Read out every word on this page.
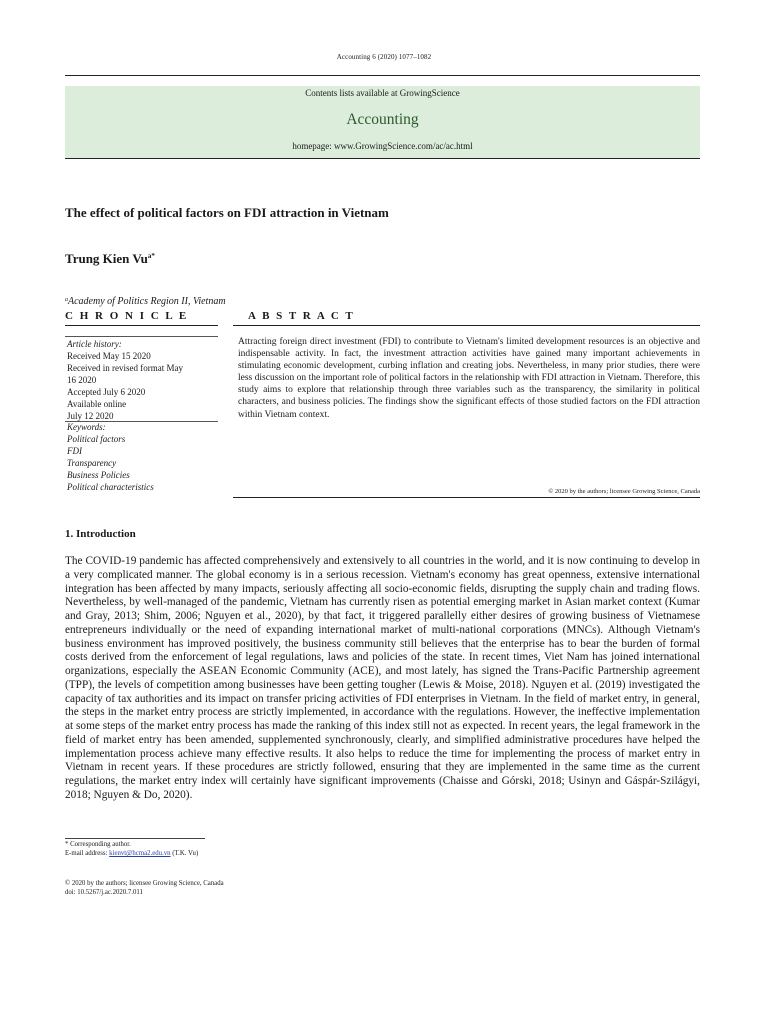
Accounting 6 (2020) 1077–1082
Contents lists available at GrowingScience
Accounting
homepage: www.GrowingScience.com/ac/ac.html
The effect of political factors on FDI attraction in Vietnam
Trung Kien $Vu^{a*}$
$^a$Academy of Politics Region II, Vietnam
C H R O N I C L E	A B S T R A C T
Article history:
Received May 15 2020
Received in revised format May
16 2020
Accepted July 6 2020
Available online
July 12 2020
Keywords:
Political factors
FDI
Transparency
Business Policies
Political characteristics
Attracting foreign direct investment (FDI) to contribute to Vietnam's limited development resources is an objective and indispensable activity. In fact, the investment attraction activities have gained many important achievements in stimulating economic development, curbing inflation and creating jobs. Nevertheless, in many prior studies, there were less discussion on the important role of political factors in the relationship with FDI attraction in Vietnam. Therefore, this study aims to explore that relationship through three variables such as the transparency, the similarity in political characters, and business policies. The findings show the significant effects of those studied factors on the FDI attraction within Vietnam context.
© 2020 by the authors; licensee Growing Science, Canada
1. Introduction
The COVID-19 pandemic has affected comprehensively and extensively to all countries in the world, and it is now continuing to develop in a very complicated manner. The global economy is in a serious recession. Vietnam's economy has great openness, extensive international integration has been affected by many impacts, seriously affecting all socio-economic fields, disrupting the supply chain and trading flows. Nevertheless, by well-managed of the pandemic, Vietnam has currently risen as potential emerging market in Asian market context (Kumar and Gray, 2013; Shim, 2006; Nguyen et al., 2020), by that fact, it triggered parallelly either desires of growing business of Vietnamese entrepreneurs individually or the need of expanding international market of multi-national corporations (MNCs). Although Vietnam's business environment has improved positively, the business community still believes that the enterprise has to bear the burden of formal costs derived from the enforcement of legal regulations, laws and policies of the state. In recent times, Viet Nam has joined international organizations, especially the ASEAN Economic Community (ACE), and most lately, has signed the Trans-Pacific Partnership agreement (TPP), the levels of competition among businesses have been getting tougher (Lewis & Moise, 2018). Nguyen et al. (2019) investigated the capacity of tax authorities and its impact on transfer pricing activities of FDI enterprises in Vietnam. In the field of market entry, in general, the steps in the market entry process are strictly implemented, in accordance with the regulations. However, the ineffective implementation at some steps of the market entry process has made the ranking of this index still not as expected. In recent years, the legal framework in the field of market entry has been amended, supplemented synchronously, clearly, and simplified administrative procedures have helped the implementation process achieve many effective results. It also helps to reduce the time for implementing the process of market entry in Vietnam in recent years. If these procedures are strictly followed, ensuring that they are implemented in the same time as the current regulations, the market entry index will certainly have significant improvements (Chaisse and Górski, 2018; Usinyn and Gáspár-Szilágyi, 2018; Nguyen & Do, 2020).
* Corresponding author.
E-mail address: kienvt@hcma2.edu.vn (T.K. Vu)
© 2020 by the authors; licensee Growing Science, Canada
doi: 10.5267/j.ac.2020.7.011
